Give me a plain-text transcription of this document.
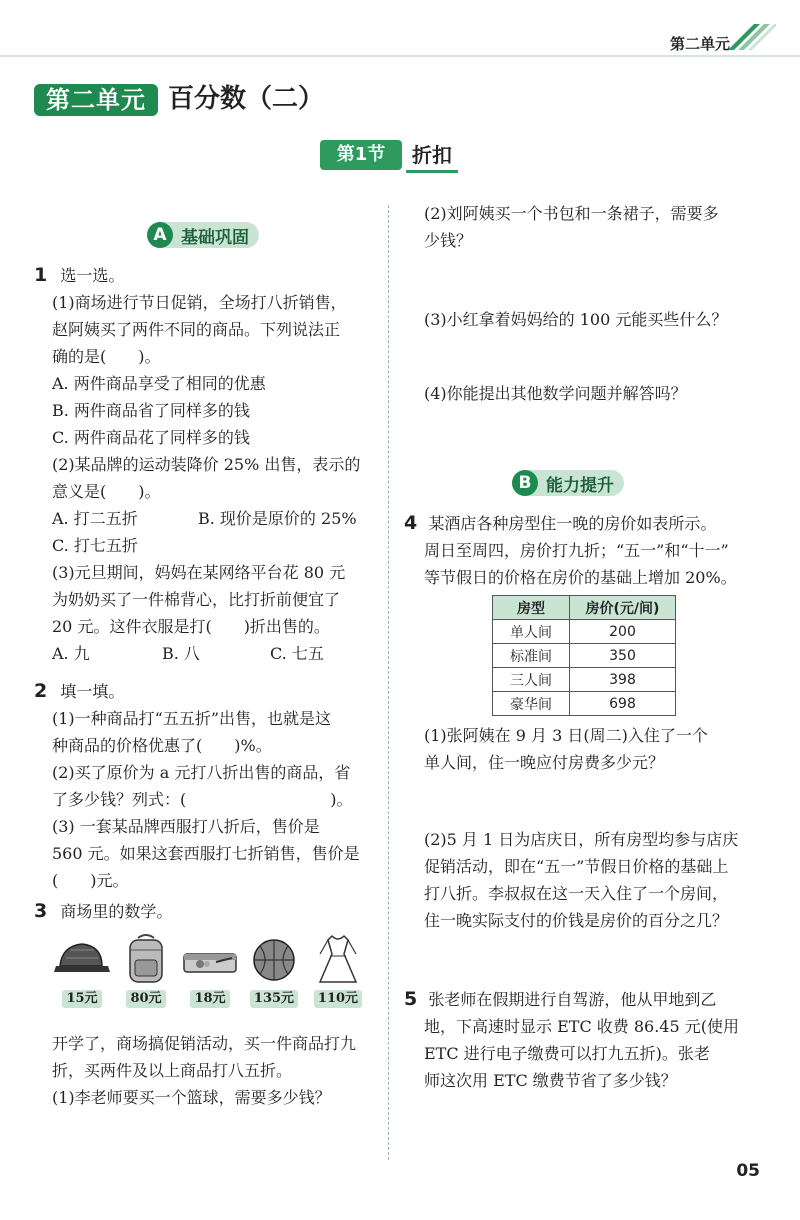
第二单元
第二单元 百分数（二）
第1节	折扣
A 基础巩固
1 选一选。
(1)商场进行节日促销，全场打八折销售，
赵阿姨买了两件不同的商品。下列说法正
确的是(　　)。
A. 两件商品享受了相同的优惠
B. 两件商品省了同样多的钱
C. 两件商品花了同样多的钱
(2)某品牌的运动装降价 25% 出售，表示的
意义是(　　)。
A. 打二五折	B. 现价是原价的 25%
C. 打七五折
(3)元旦期间，妈妈在某网络平台花 80 元
为奶奶买了一件棉背心，比打折前便宜了
20 元。这件衣服是打(　　)折出售的。
A. 九	B. 八	C. 七五
2 填一填。
(1)一种商品打“五五折”出售，也就是这
种商品的价格优惠了(　　)%。
(2)买了原价为 a 元打八折出售的商品，省
了多少钱？列式：(　　　　　　　　　)。
(3) 一套某品牌西服打八折后，售价是
560 元。如果这套西服打七折销售，售价是
(　　)元。
3 商场里的数学。
15元	80元	18元	135元	110元
开学了，商场搞促销活动，买一件商品打九
折，买两件及以上商品打八五折。
(1)李老师要买一个篮球，需要多少钱？
(2)刘阿姨买一个书包和一条裙子，需要多
少钱？
(3)小红拿着妈妈给的 100 元能买些什么？
(4)你能提出其他数学问题并解答吗？
B 能力提升
4 某酒店各种房型住一晚的房价如表所示。
周日至周四，房价打九折；“五一”和“十一”
等节假日的价格在房价的基础上增加 20%。
房型	房价(元/间)
单人间	200
标准间	350
三人间	398
豪华间	698
(1)张阿姨在 9 月 3 日(周二)入住了一个
单人间，住一晚应付房费多少元？
(2)5 月 1 日为店庆日，所有房型均参与店庆
促销活动，即在“五一”节假日价格的基础上
打八折。李叔叔在这一天入住了一个房间，
住一晚实际支付的价钱是房价的百分之几？
5 张老师在假期进行自驾游，他从甲地到乙
地，下高速时显示 ETC 收费 86.45 元(使用
ETC 进行电子缴费可以打九五折)。张老
师这次用 ETC 缴费节省了多少钱？
05
